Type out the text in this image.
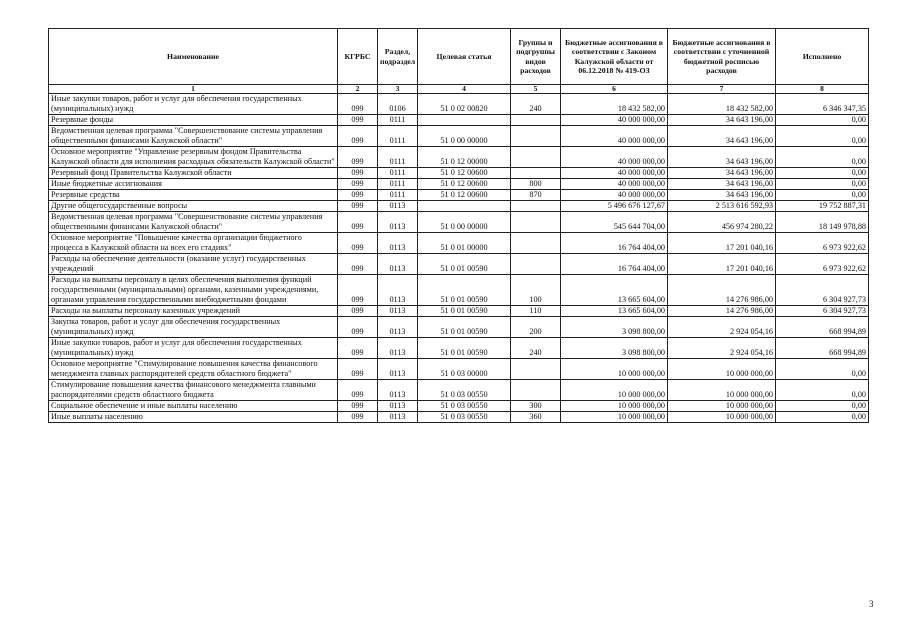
Наименование	КГРБС	Раздел, подраздел	Целевая статья	Группы и подгруппы видов расходов	Бюджетные ассигнования в соответствии с Законом Калужской области от 06.12.2018 № 419-ОЗ	Бюджетные ассигнования в соответствии с уточненной бюджетной росписью расходов	Исполнено
1	2	3	4	5	6	7	8
Иные закупки товаров, работ и услуг для обеспечения государственных (муниципальных) нужд	099	0106	51 0 02 00820	240	18 432 582,00	18 432 582,00	6 346 347,35
Резервные фонды	099	0111			40 000 000,00	34 643 196,00	0,00
Ведомственная целевая программа "Совершенствование системы управления общественными финансами Калужской области"	099	0111	51 0 00 00000		40 000 000,00	34 643 196,00	0,00
Основное мероприятие "Управление резервным фондом Правительства Калужской области для исполнения расходных обязательств Калужской области"	099	0111	51 0 12 00000		40 000 000,00	34 643 196,00	0,00
Резервный фонд Правительства Калужской области	099	0111	51 0 12 00600		40 000 000,00	34 643 196,00	0,00
Иные бюджетные ассигнования	099	0111	51 0 12 00600	800	40 000 000,00	34 643 196,00	0,00
Резервные средства	099	0111	51 0 12 00600	870	40 000 000,00	34 643 196,00	0,00
Другие общегосударственные вопросы	099	0113			5 496 676 127,67	2 513 616 592,93	19 752 887,31
Ведомственная целевая программа "Совершенствование системы управления общественными финансами Калужской области"	099	0113	51 0 00 00000		545 644 704,00	456 974 280,22	18 149 978,88
Основное мероприятие "Повышение качества организации бюджетного процесса в Калужской области на всех его стадиях"	099	0113	51 0 01 00000		16 764 404,00	17 201 040,16	6 973 922,62
Расходы на обеспечение деятельности (оказание услуг) государственных учреждений	099	0113	51 0 01 00590		16 764 404,00	17 201 040,16	6 973 922,62
Расходы на выплаты персоналу в целях обеспечения выполнения функций государственными (муниципальными) органами, казенными учреждениями, органами управления государственными внебюджетными фондами	099	0113	51 0 01 00590	100	13 665 604,00	14 276 986,00	6 304 927,73
Расходы на выплаты персоналу казенных учреждений	099	0113	51 0 01 00590	110	13 665 604,00	14 276 986,00	6 304 927,73
Закупка товаров, работ и услуг для обеспечения государственных (муниципальных) нужд	099	0113	51 0 01 00590	200	3 098 800,00	2 924 054,16	668 994,89
Иные закупки товаров, работ и услуг для обеспечения государственных (муниципальных) нужд	099	0113	51 0 01 00590	240	3 098 800,00	2 924 054,16	668 994,89
Основное мероприятие "Стимулирование повышения качества финансового менеджмента главных распорядителей средств областного бюджета"	099	0113	51 0 03 00000		10 000 000,00	10 000 000,00	0,00
Стимулирование повышения качества финансового менеджмента главными распорядителями средств областного бюджета	099	0113	51 0 03 00550		10 000 000,00	10 000 000,00	0,00
Социальное обеспечение и иные выплаты населению	099	0113	51 0 03 00550	300	10 000 000,00	10 000 000,00	0,00
Иные выплаты населению	099	0113	51 0 03 00550	360	10 000 000,00	10 000 000,00	0,00
3
